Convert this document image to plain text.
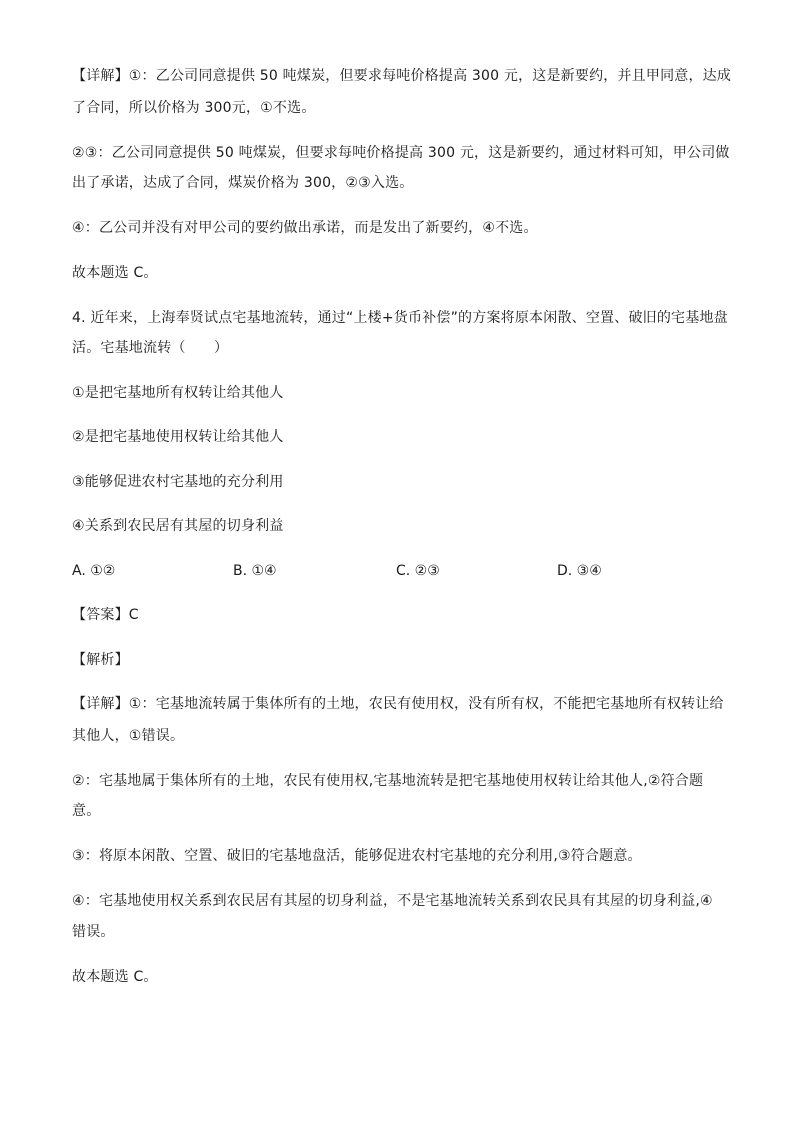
【详解】①：乙公司同意提供 50 吨煤炭，但要求每吨价格提高 300 元，这是新要约，并且甲同意，达成
了合同，所以价格为 300元，①不选。
②③：乙公司同意提供 50 吨煤炭，但要求每吨价格提高 300 元，这是新要约，通过材料可知，甲公司做
出了承诺，达成了合同，煤炭价格为 300，②③入选。
④：乙公司并没有对甲公司的要约做出承诺，而是发出了新要约，④不选。
故本题选 C。
4. 近年来，上海奉贤试点宅基地流转，通过“上楼+货币补偿”的方案将原本闲散、空置、破旧的宅基地盘
活。宅基地流转（　　）
①是把宅基地所有权转让给其他人
②是把宅基地使用权转让给其他人
③能够促进农村宅基地的充分利用
④关系到农民居有其屋的切身利益
A. ①②	B. ①④	C. ②③	D. ③④
【答案】C
【解析】
【详解】①：宅基地流转属于集体所有的土地，农民有使用权，没有所有权，不能把宅基地所有权转让给
其他人，①错误。
②：宅基地属于集体所有的土地，农民有使用权,宅基地流转是把宅基地使用权转让给其他人,②符合题
意。
③：将原本闲散、空置、破旧的宅基地盘活，能够促进农村宅基地的充分利用,③符合题意。
④：宅基地使用权关系到农民居有其屋的切身利益，不是宅基地流转关系到农民具有其屋的切身利益,④
错误。
故本题选 C。
